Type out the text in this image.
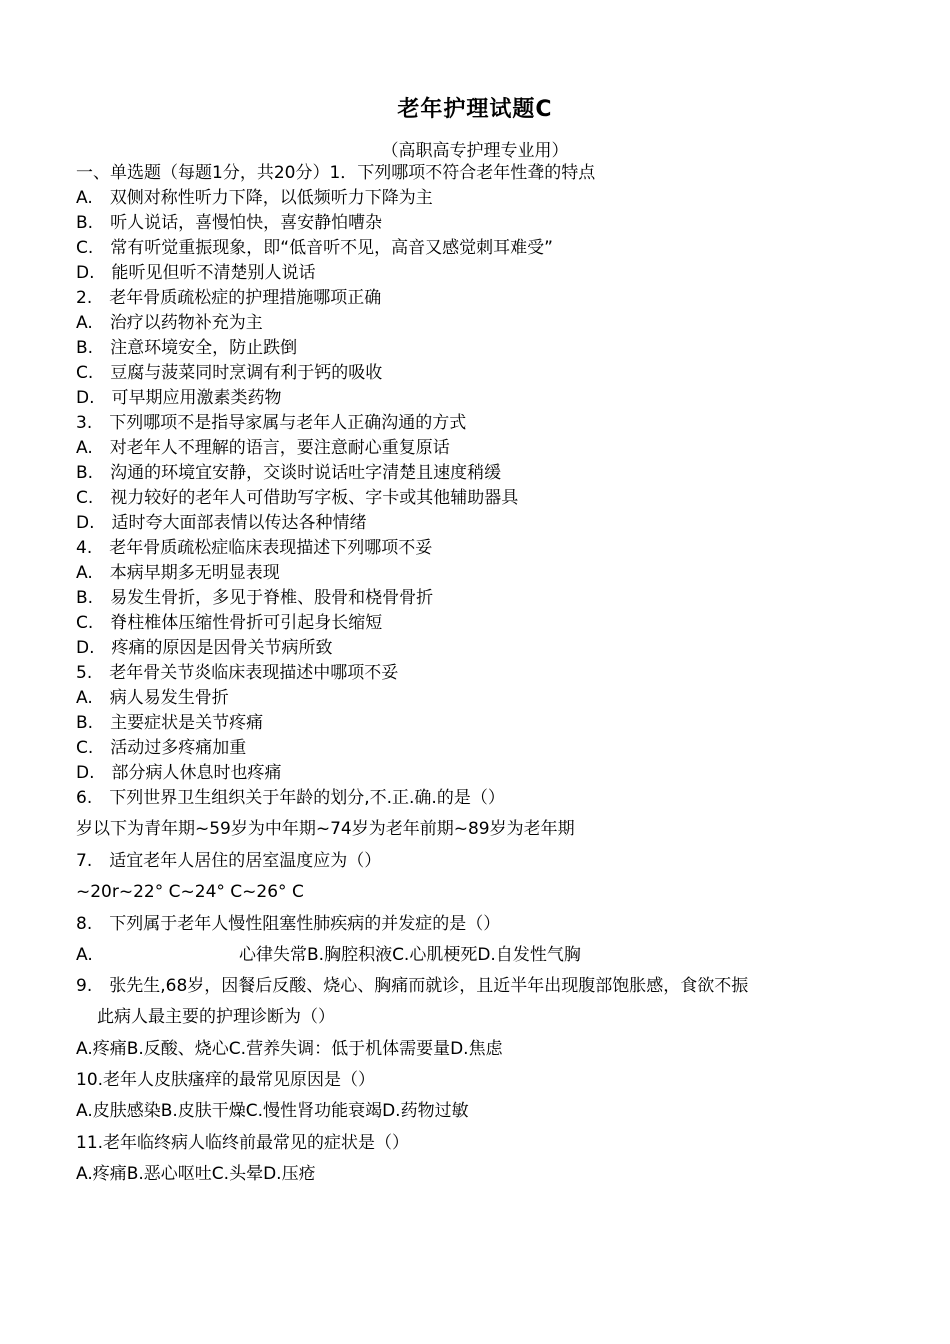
老年护理试题C
（高职高专护理专业用）
一、单选题（每题1分，共20分）1．下列哪项不符合老年性聋的特点
A.　双侧对称性听力下降，以低频听力下降为主
B.　听人说话，喜慢怕快，喜安静怕嘈杂
C.　常有听觉重振现象，即“低音听不见，高音又感觉刺耳难受”
D.　能听见但听不清楚别人说话
2.　老年骨质疏松症的护理措施哪项正确
A.　治疗以药物补充为主
B.　注意环境安全，防止跌倒
C.　豆腐与菠菜同时烹调有利于钙的吸收
D.　可早期应用激素类药物
3.　下列哪项不是指导家属与老年人正确沟通的方式
A.　对老年人不理解的语言，要注意耐心重复原话
B.　沟通的环境宜安静，交谈时说话吐字清楚且速度稍缓
C.　视力较好的老年人可借助写字板、字卡或其他辅助器具
D.　适时夸大面部表情以传达各种情绪
4.　老年骨质疏松症临床表现描述下列哪项不妥
A.　本病早期多无明显表现
B.　易发生骨折，多见于脊椎、股骨和桡骨骨折
C.　脊柱椎体压缩性骨折可引起身长缩短
D.　疼痛的原因是因骨关节病所致
5.　老年骨关节炎临床表现描述中哪项不妥
A.　病人易发生骨折
B.　主要症状是关节疼痛
C.　活动过多疼痛加重
D.　部分病人休息时也疼痛
6.　下列世界卫生组织关于年龄的划分,不.正.确.的是（）
岁以下为青年期~59岁为中年期~74岁为老年前期~89岁为老年期
7.　适宜老年人居住的居室温度应为（）
~20r~22° C~24° C~26° C
8.　下列属于老年人慢性阻塞性肺疾病的并发症的是（）
A.	心律失常B.胸腔积液C.心肌梗死D.自发性气胸
9.　张先生,68岁，因餐后反酸、烧心、胸痛而就诊，且近半年出现腹部饱胀感，食欲不振
此病人最主要的护理诊断为（）
A.疼痛B.反酸、烧心C.营养失调：低于机体需要量D.焦虑
10.老年人皮肤瘙痒的最常见原因是（）
A.皮肤感染B.皮肤干燥C.慢性肾功能衰竭D.药物过敏
11.老年临终病人临终前最常见的症状是（）
A.疼痛B.恶心呕吐C.头晕D.压疮
